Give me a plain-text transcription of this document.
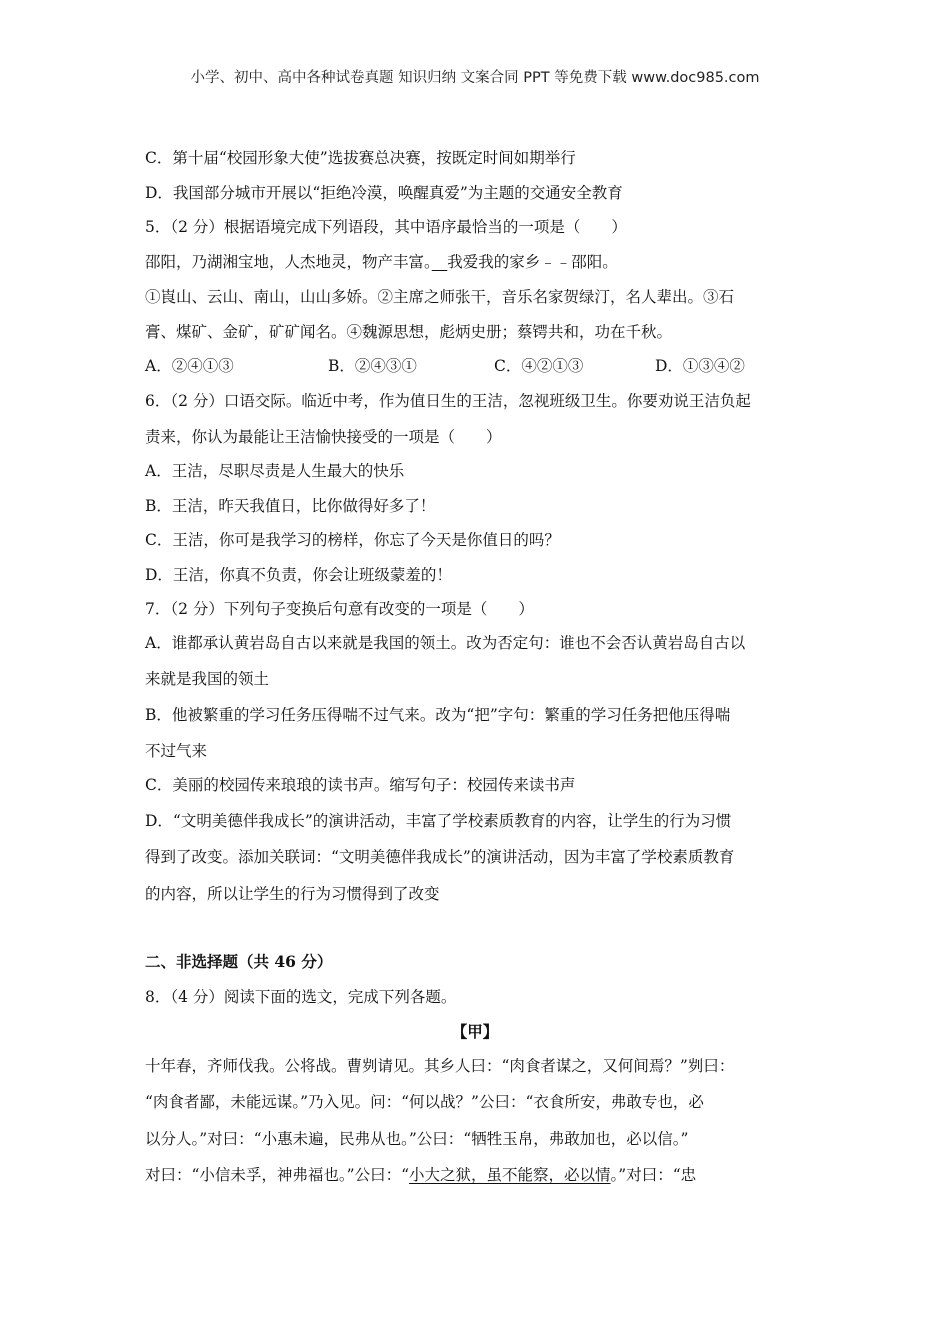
小学、初中、高中各种试卷真题 知识归纳 文案合同 PPT 等免费下载 www.doc985.com
C．第十届“校园形象大使”选拔赛总决赛，按既定时间如期举行
D．我国部分城市开展以“拒绝冷漠，唤醒真爱”为主题的交通安全教育
5．（2 分）根据语境完成下列语段，其中语序最恰当的一项是（　　）
邵阳，乃湖湘宝地，人杰地灵，物产丰富。　 我爱我的家乡﹣﹣邵阳。
①崀山、云山、南山，山山多娇。②主席之师张干，音乐名家贺绿汀，名人辈出。③石
膏、煤矿、金矿，矿矿闻名。④魏源思想，彪炳史册；蔡锷共和，功在千秋。
A．②④①③	B．②④③①	C．④②①③	D．①③④②
6．（2 分）口语交际。临近中考，作为值日生的王洁，忽视班级卫生。你要劝说王洁负起
责来，你认为最能让王洁愉快接受的一项是（　　）
A．王洁，尽职尽责是人生最大的快乐
B．王洁，昨天我值日，比你做得好多了！
C．王洁，你可是我学习的榜样，你忘了今天是你值日的吗？
D．王洁，你真不负责，你会让班级蒙羞的！
7．（2 分）下列句子变换后句意有改变的一项是（　　）
A．谁都承认黄岩岛自古以来就是我国的领土。改为否定句：谁也不会否认黄岩岛自古以
来就是我国的领土
B．他被繁重的学习任务压得喘不过气来。改为“把”字句：繁重的学习任务把他压得喘
不过气来
C．美丽的校园传来琅琅的读书声。缩写句子：校园传来读书声
D．“文明美德伴我成长”的演讲活动，丰富了学校素质教育的内容，让学生的行为习惯
得到了改变。添加关联词：“文明美德伴我成长”的演讲活动，因为丰富了学校素质教育
的内容，所以让学生的行为习惯得到了改变
二、非选择题（共 46 分）
8．（4 分）阅读下面的选文，完成下列各题。
【甲】
十年春，齐师伐我。公将战。曹刿请见。其乡人曰：“肉食者谋之，又何间焉？”刿曰：
“肉食者鄙，未能远谋。”乃入见。问：“何以战？”公曰：“衣食所安，弗敢专也，必
以分人。”对曰：“小惠未遍，民弗从也。”公曰：“牺牲玉帛，弗敢加也，必以信。”
对曰：“小信未孚，神弗福也。”公曰：“小大之狱，虽不能察，必以情。”对曰：“忠
